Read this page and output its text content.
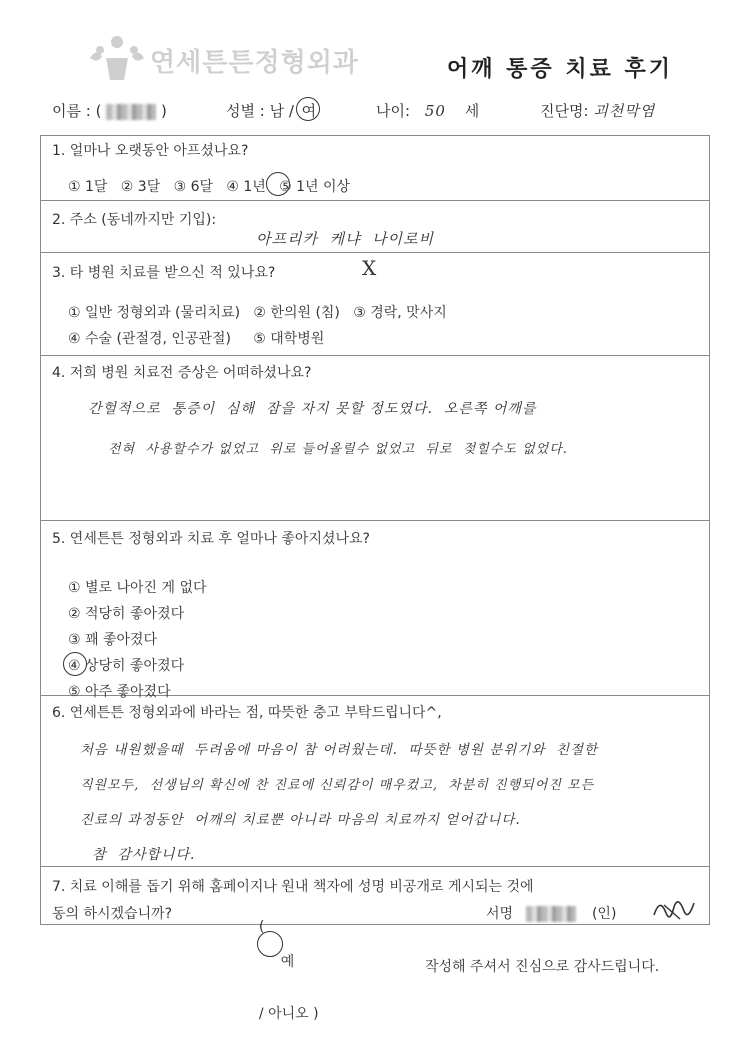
연세튼튼정형외과	어깨 통증 치료 후기
이름 : (	)	성별 : 남 / 여	나이: 50 세	진단명: 괴천막염
1. 얼마나 오랫동안 아프셨나요?
① 1달   ② 3달   ③ 6달   ④ 1년   ⑤ 1년 이상
2. 주소 (동네까지만 기입):
아프리카  케냐  나이로비
3. 타 병원 치료를 받으신 적 있나요?	X
① 일반 정형외과 (물리치료)   ② 한의원 (침)   ③ 경락, 맛사지
④ 수술 (관절경, 인공관절)     ⑤ 대학병원
4. 저희 병원 치료전 증상은 어떠하셨나요?
간헐적으로  통증이  심해  잠을 자지 못할 정도였다.  오른쪽 어깨를
전혀  사용할수가 없었고  위로 들어올릴수 없었고  뒤로  젖힐수도 없었다.
5. 연세튼튼 정형외과 치료 후 얼마나 좋아지셨나요?
① 별로 나아진 게 없다
② 적당히 좋아졌다
③ 꽤 좋아졌다
④ 상당히 좋아졌다
⑤ 아주 좋아졌다
6. 연세튼튼 정형외과에 바라는 점, 따뜻한 충고 부탁드립니다^,
처음 내원했을때  두려움에 마음이 참 어려웠는데.  따뜻한 병원 분위기와  친절한
직원모두,  선생님의 확신에 찬 진료에 신뢰감이 매우컸고,  차분히 진행되어진 모든
진료의 과정동안  어깨의 치료뿐 아니라 마음의 치료까지 얻어갑니다.
참  감사합니다.
7. 치료 이해를 돕기 위해 홈페이지나 원내 책자에 성명 비공개로 게시되는 것에
동의 하시겠습니까?

(

예

/ 아니오 )

서명	(인)
작성해 주셔서 진심으로 감사드립니다.
